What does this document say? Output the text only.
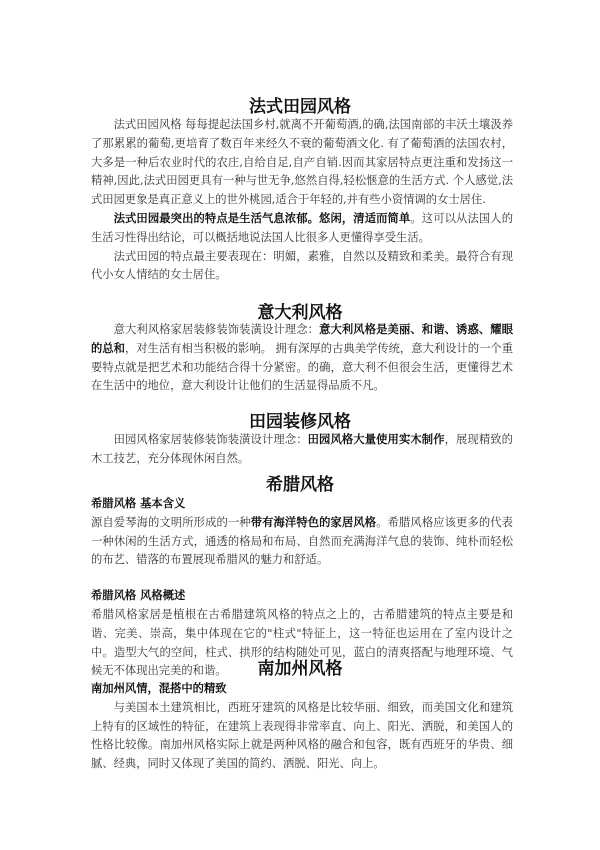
法式田园风格

法式田园风格 每每提起法国乡村,就离不开葡萄酒,的确,法国南部的丰沃土壤汲养了那累累的葡萄,更培育了数百年来经久不衰的葡萄酒文化. 有了葡萄酒的法国农村，大多是一种后农业时代的农庄,自给自足,自产自销.因而其家居特点更注重和发扬这一精神,因此,法式田园更具有一种与世无争,悠然自得,轻松惬意的生活方式. 个人感觉,法式田园更象是真正意义上的世外桃园,适合于年轻的,并有些小资情调的女士居住.

法式田园最突出的特点是生活气息浓郁。悠闲，清适而简单。这可以从法国人的生活习性得出结论，可以概括地说法国人比很多人更懂得享受生活。

法式田园的特点最主要表现在：明媚，素雅，自然以及精致和柔美。最符合有现代小女人情结的女士居住。

意大利风格

意大利风格家居装修装饰装潢设计理念：意大利风格是美丽、和谐、诱惑、耀眼的总和，对生活有相当积极的影响。 拥有深厚的古典美学传统，意大利设计的一个重要特点就是把艺术和功能结合得十分紧密。的确，意大利不但很会生活，更懂得艺术在生活中的地位，意大利设计让他们的生活显得品质不凡。

田园装修风格

田园风格家居装修装饰装潢设计理念：田园风格大量使用实木制作，展现精致的木工技艺，充分体现休闲自然。

希腊风格
希腊风格 基本含义

源自爱琴海的文明所形成的一种带有海洋特色的家居风格。希腊风格应该更多的代表一种休闲的生活方式，通透的格局和布局、自然而充满海洋气息的装饰、纯朴而轻松的布艺、错落的布置展现希腊风的魅力和舒适。

希腊风格 风格概述

希腊风格家居是植根在古希腊建筑风格的特点之上的，古希腊建筑的特点主要是和谐、完美、崇高，集中体现在它的"柱式"特征上，这一特征也运用在了室内设计之中。造型大气的空间，柱式、拱形的结构随处可见，蓝白的清爽搭配与地理环境、气候无不体现出完美的和谐。	南加州风格
南加州风情，混搭中的精致

与美国本土建筑相比，西班牙建筑的风格是比较华丽、细致，而美国文化和建筑上特有的区域性的特征，在建筑上表现得非常率直、向上、阳光、洒脱，和美国人的性格比较像。南加州风格实际上就是两种风格的融合和包容，既有西班牙的华贵、细腻、经典，同时又体现了美国的简约、洒脱、阳光、向上。
